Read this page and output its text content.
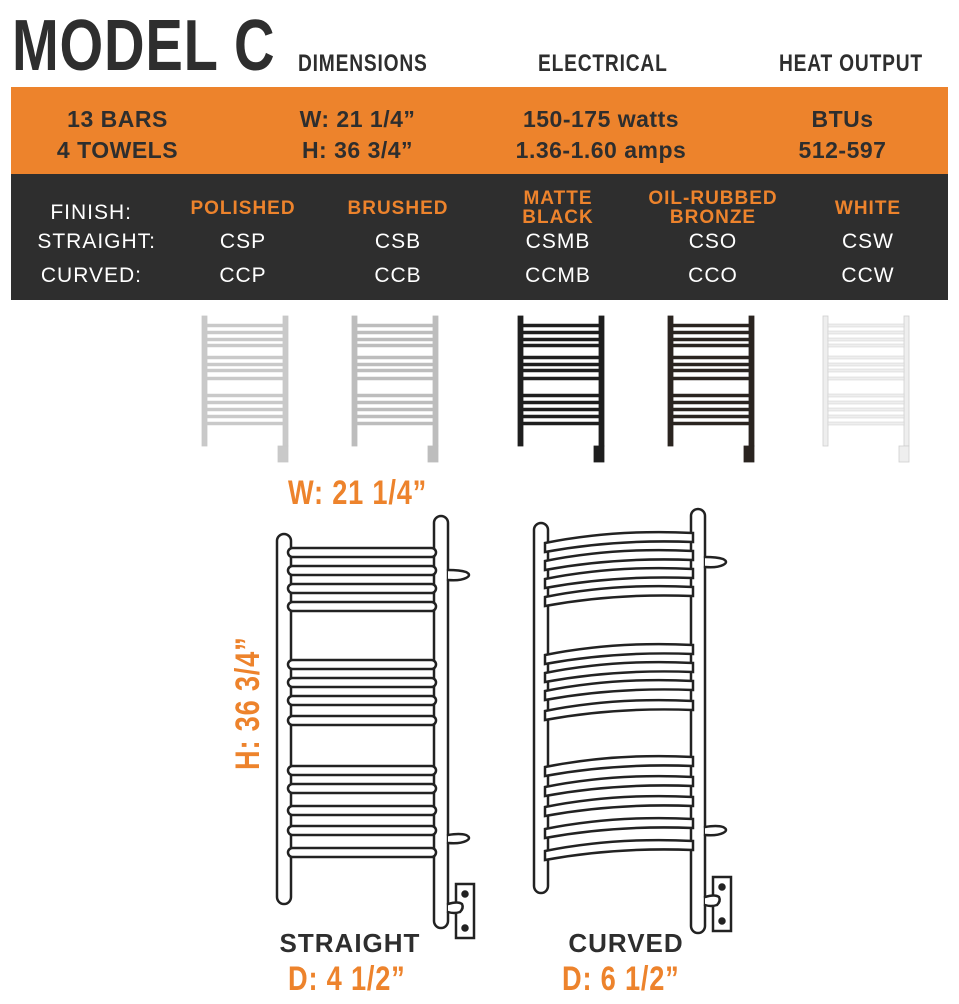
MODEL C DIMENSIONS	ELECTRICAL	HEAT OUTPUT
13 BARS
4 TOWELS
W: 21 1/4”
H: 36 3/4”
150-175 watts
1.36-1.60 amps
BTUs
512-597
FINISH:
STRAIGHT:
CURVED:
POLISHED
CSP
CCP
BRUSHED
CSB
CCB
MATTE
BLACK
CSMB
CCMB
OIL-RUBBED
BRONZE
CSO
CCO
WHITE
CSW
CCW
W: 21 1/4”
H: 36 3/4”
STRAIGHT
D: 4 1/2”
CURVED
D: 6 1/2”
